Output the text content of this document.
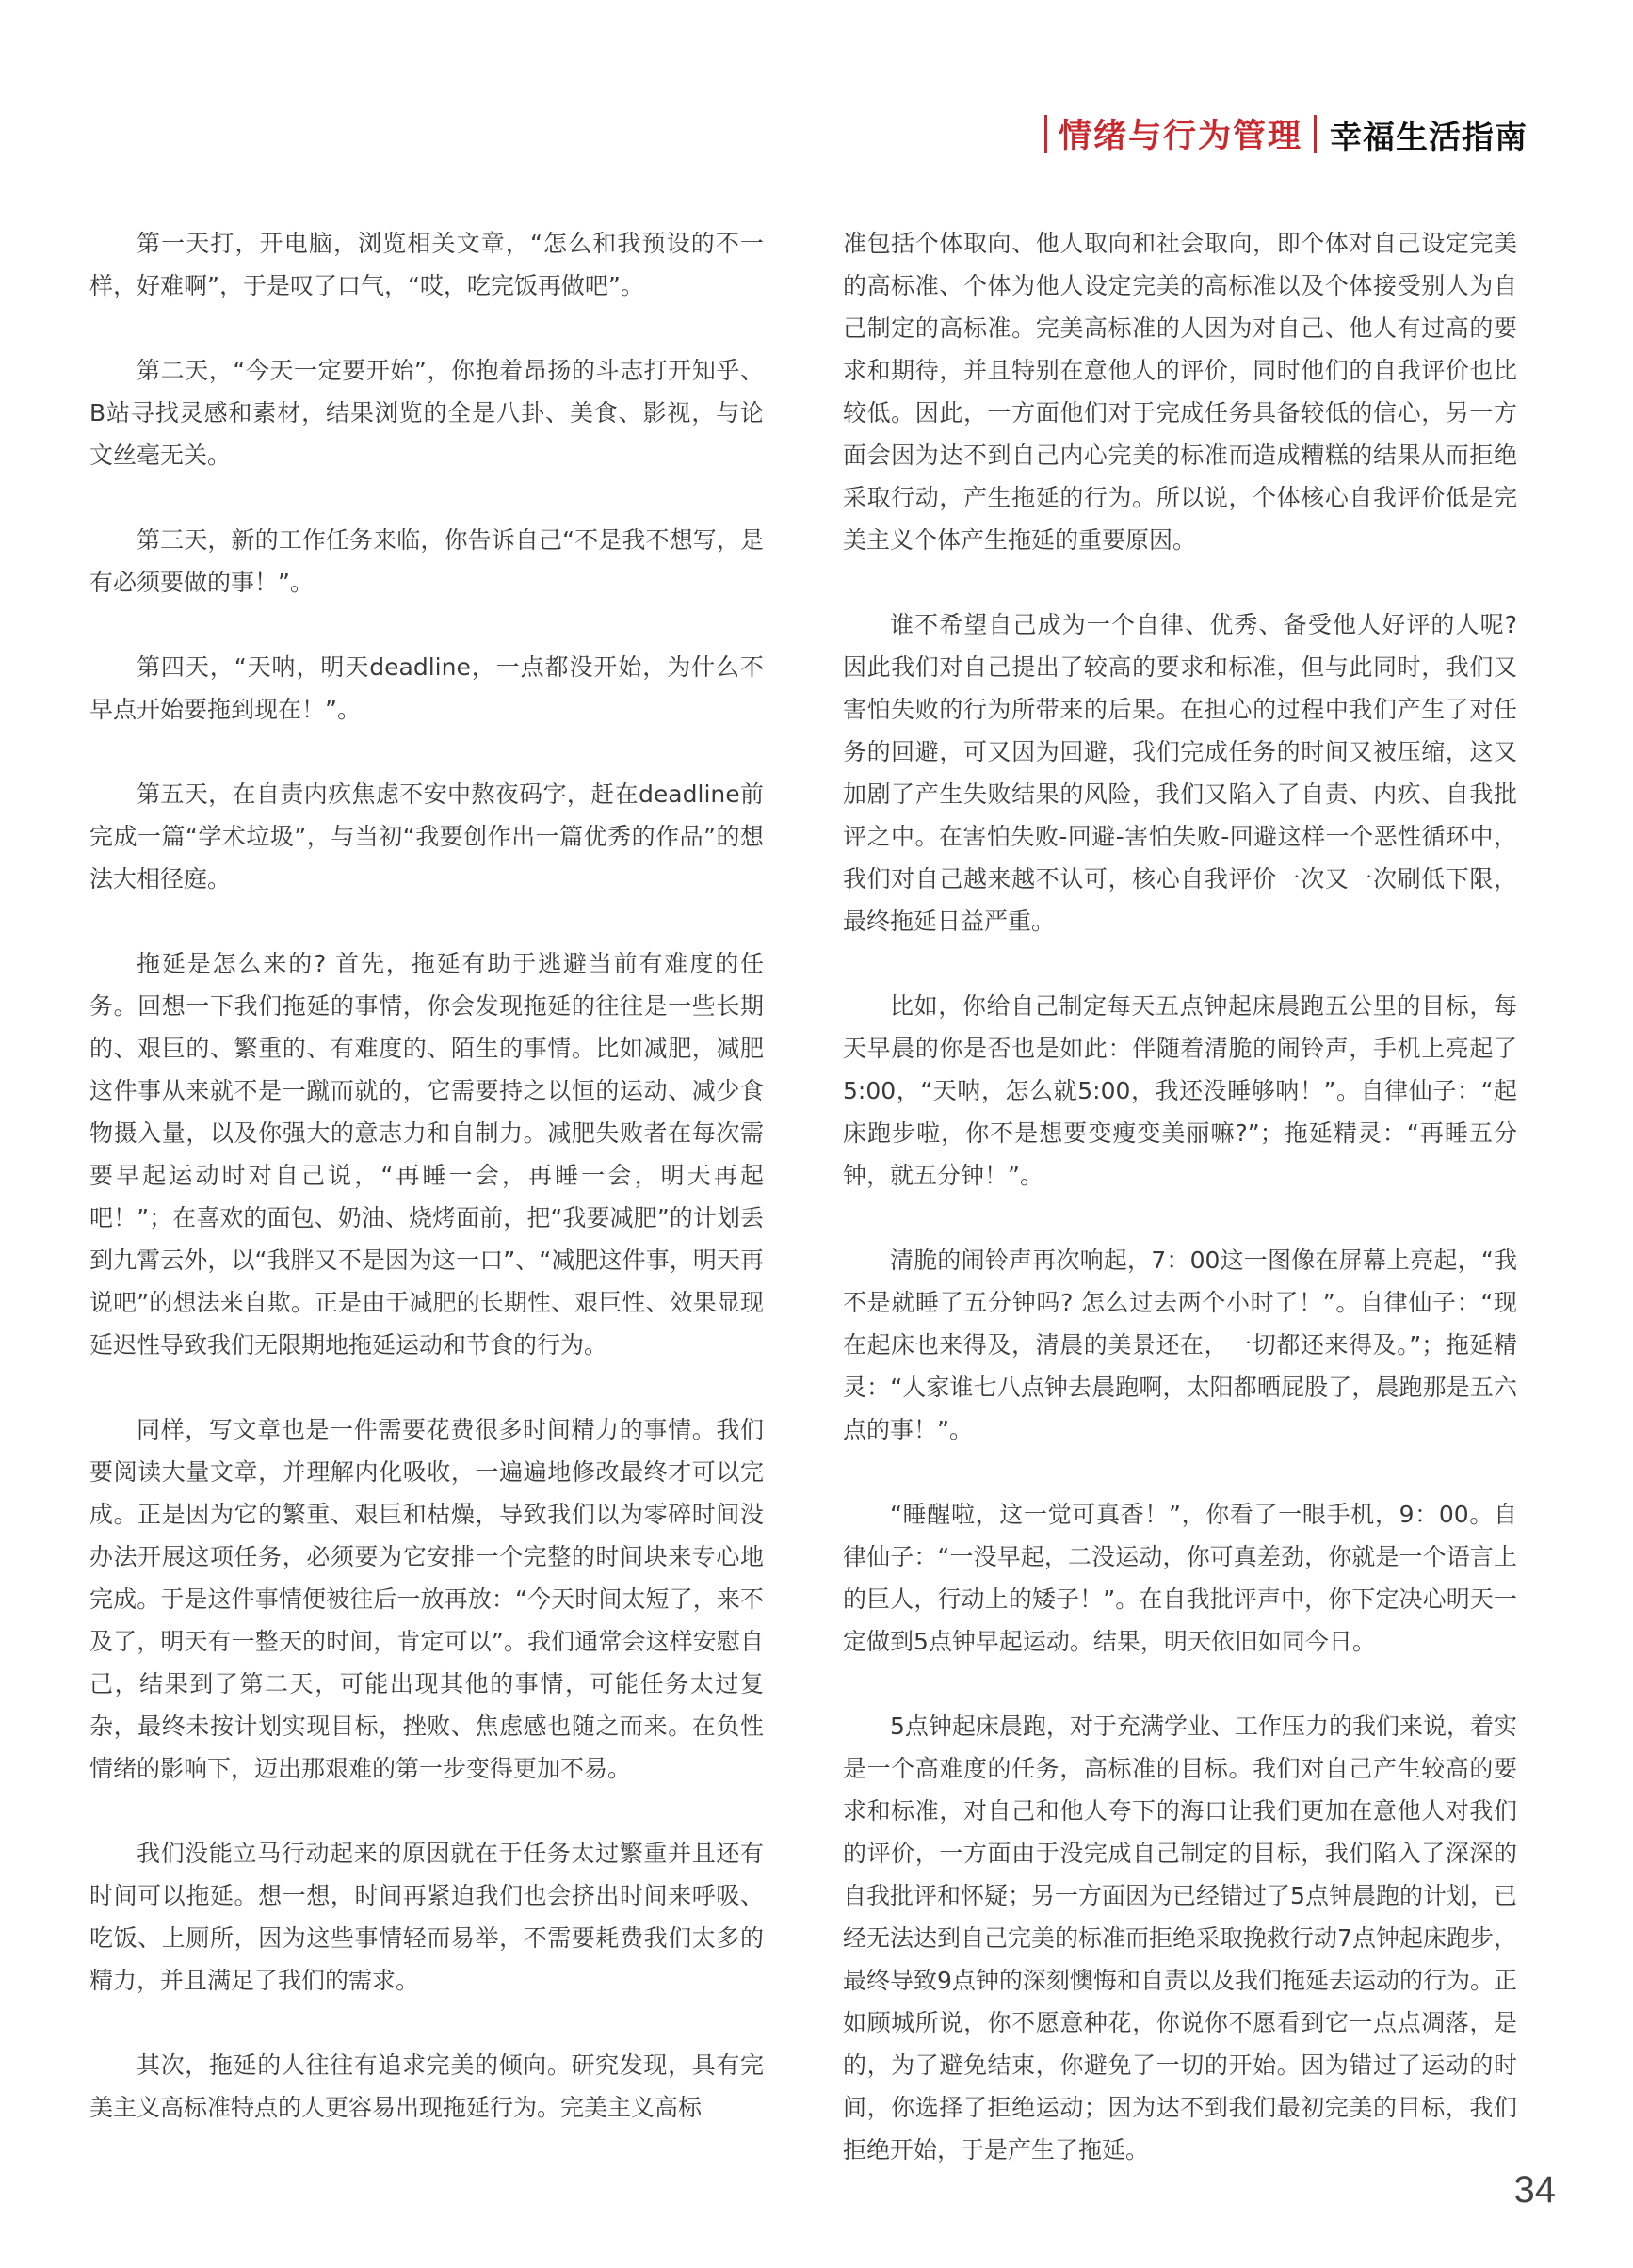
情绪与行为管理 幸福生活指南

第一天打，开电脑，浏览相关文章，“怎么和我预设的不一样，好难啊”，于是叹了口气，“哎，吃完饭再做吧”。

第二天，“今天一定要开始”，你抱着昂扬的斗志打开知乎、B站寻找灵感和素材，结果浏览的全是八卦、美食、影视，与论文丝毫无关。

第三天，新的工作任务来临，你告诉自己“不是我不想写，是有必须要做的事！”。

第四天，“天呐，明天deadline，一点都没开始，为什么不早点开始要拖到现在！”。

第五天，在自责内疚焦虑不安中熬夜码字，赶在deadline前完成一篇“学术垃圾”，与当初“我要创作出一篇优秀的作品”的想法大相径庭。

拖延是怎么来的? 首先，拖延有助于逃避当前有难度的任务。回想一下我们拖延的事情，你会发现拖延的往往是一些长期的、艰巨的、繁重的、有难度的、陌生的事情。比如减肥，减肥这件事从来就不是一蹴而就的，它需要持之以恒的运动、减少食物摄入量，以及你强大的意志力和自制力。减肥失败者在每次需要早起运动时对自己说，“再睡一会，再睡一会，明天再起吧！”；在喜欢的面包、奶油、烧烤面前，把“我要减肥”的计划丢到九霄云外，以“我胖又不是因为这一口”、“减肥这件事，明天再说吧”的想法来自欺。正是由于减肥的长期性、艰巨性、效果显现延迟性导致我们无限期地拖延运动和节食的行为。

同样，写文章也是一件需要花费很多时间精力的事情。我们要阅读大量文章，并理解内化吸收，一遍遍地修改最终才可以完成。正是因为它的繁重、艰巨和枯燥，导致我们以为零碎时间没办法开展这项任务，必须要为它安排一个完整的时间块来专心地完成。于是这件事情便被往后一放再放：“今天时间太短了，来不及了，明天有一整天的时间，肯定可以”。我们通常会这样安慰自己，结果到了第二天，可能出现其他的事情，可能任务太过复杂，最终未按计划实现目标，挫败、焦虑感也随之而来。在负性情绪的影响下，迈出那艰难的第一步变得更加不易。

我们没能立马行动起来的原因就在于任务太过繁重并且还有时间可以拖延。想一想，时间再紧迫我们也会挤出时间来呼吸、吃饭、上厕所，因为这些事情轻而易举，不需要耗费我们太多的精力，并且满足了我们的需求。

其次，拖延的人往往有追求完美的倾向。研究发现，具有完美主义高标准特点的人更容易出现拖延行为。完美主义高标

准包括个体取向、他人取向和社会取向，即个体对自己设定完美的高标准、个体为他人设定完美的高标准以及个体接受别人为自己制定的高标准。完美高标准的人因为对自己、他人有过高的要求和期待，并且特别在意他人的评价，同时他们的自我评价也比较低。因此，一方面他们对于完成任务具备较低的信心，另一方面会因为达不到自己内心完美的标准而造成糟糕的结果从而拒绝采取行动，产生拖延的行为。所以说，个体核心自我评价低是完美主义个体产生拖延的重要原因。

谁不希望自己成为一个自律、优秀、备受他人好评的人呢? 因此我们对自己提出了较高的要求和标准，但与此同时，我们又害怕失败的行为所带来的后果。在担心的过程中我们产生了对任务的回避，可又因为回避，我们完成任务的时间又被压缩，这又加剧了产生失败结果的风险，我们又陷入了自责、内疚、自我批评之中。在害怕失败-回避-害怕失败-回避这样一个恶性循环中，我们对自己越来越不认可，核心自我评价一次又一次刷低下限，最终拖延日益严重。

比如，你给自己制定每天五点钟起床晨跑五公里的目标，每天早晨的你是否也是如此：伴随着清脆的闹铃声，手机上亮起了5:00，“天呐，怎么就5:00，我还没睡够呐！”。自律仙子：“起床跑步啦，你不是想要变瘦变美丽嘛?”；拖延精灵：“再睡五分钟，就五分钟！”。

清脆的闹铃声再次响起，7：00这一图像在屏幕上亮起，“我不是就睡了五分钟吗? 怎么过去两个小时了！”。自律仙子：“现在起床也来得及，清晨的美景还在，一切都还来得及。”；拖延精灵：“人家谁七八点钟去晨跑啊，太阳都晒屁股了，晨跑那是五六点的事！”。

“睡醒啦，这一觉可真香！”，你看了一眼手机，9：00。自律仙子：“一没早起，二没运动，你可真差劲，你就是一个语言上的巨人，行动上的矮子！”。在自我批评声中，你下定决心明天一定做到5点钟早起运动。结果，明天依旧如同今日。

5点钟起床晨跑，对于充满学业、工作压力的我们来说，着实是一个高难度的任务，高标准的目标。我们对自己产生较高的要求和标准，对自己和他人夸下的海口让我们更加在意他人对我们的评价，一方面由于没完成自己制定的目标，我们陷入了深深的自我批评和怀疑；另一方面因为已经错过了5点钟晨跑的计划，已经无法达到自己完美的标准而拒绝采取挽救行动7点钟起床跑步，最终导致9点钟的深刻懊悔和自责以及我们拖延去运动的行为。正如顾城所说，你不愿意种花，你说你不愿看到它一点点凋落，是的，为了避免结束，你避免了一切的开始。因为错过了运动的时间，你选择了拒绝运动；因为达不到我们最初完美的目标，我们拒绝开始，于是产生了拖延。

34
